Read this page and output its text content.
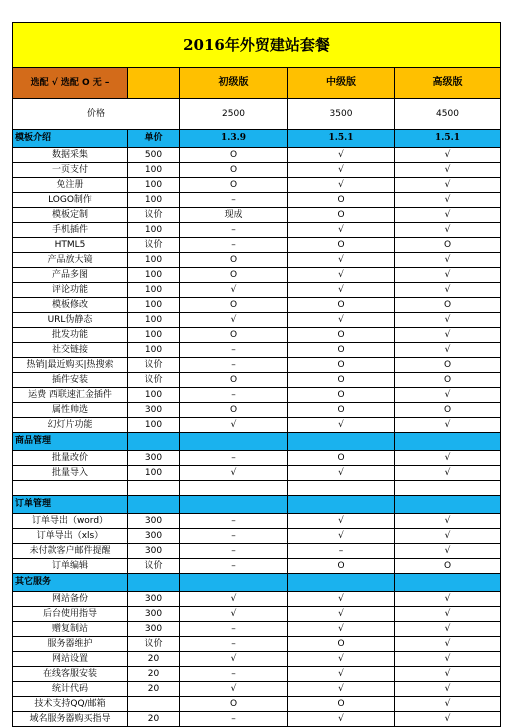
2016年外贸建站套餐				
选配 √ 选配 O 无 –		初级版	中级版	高级版
价格		2500	3500	4500
模板介绍	单价	1.3.9	1.5.1	1.5.1
数据采集	500	O	√	√
一页支付	100	O	√	√
免注册	100	O	√	√
LOGO制作	100	–	O	√
模板定制	议价	现成	O	√
手机插件	100	–	√	√
HTML5	议价	–	O	O
产品放大镜	100	O	√	√
产品多图	100	O	√	√
评论功能	100	√	√	√
模板修改	100	O	O	O
URL伪静态	100	√	√	√
批发功能	100	O	O	√
社交链接	100	–	O	√
热销|最近购买|热搜索	议价	–	O	O
插件安装	议价	O	O	O
运费 西联速汇金插件	100	–	O	√
属性帅选	300	O	O	O
幻灯片功能	100	√	√	√
商品管理				
批量改价	300	–	O	√
批量导入	100	√	√	√

订单管理				
订单导出（word）	300	–	√	√
订单导出（xls）	300	–	√	√
未付款客户邮件提醒	300	–	–	√
订单编辑	议价	–	O	O
其它服务				
网站备份	300	√	√	√
后台使用指导	300	√	√	√
赠复制站	300	–	√	√
服务器维护	议价	–	O	√
网站设置	20	√	√	√
在线客服安装	20	–	√	√
统计代码	20	√	√	√
技术支持QQ/邮箱		O	O	√
域名服务器购买指导	20	–	√	√
